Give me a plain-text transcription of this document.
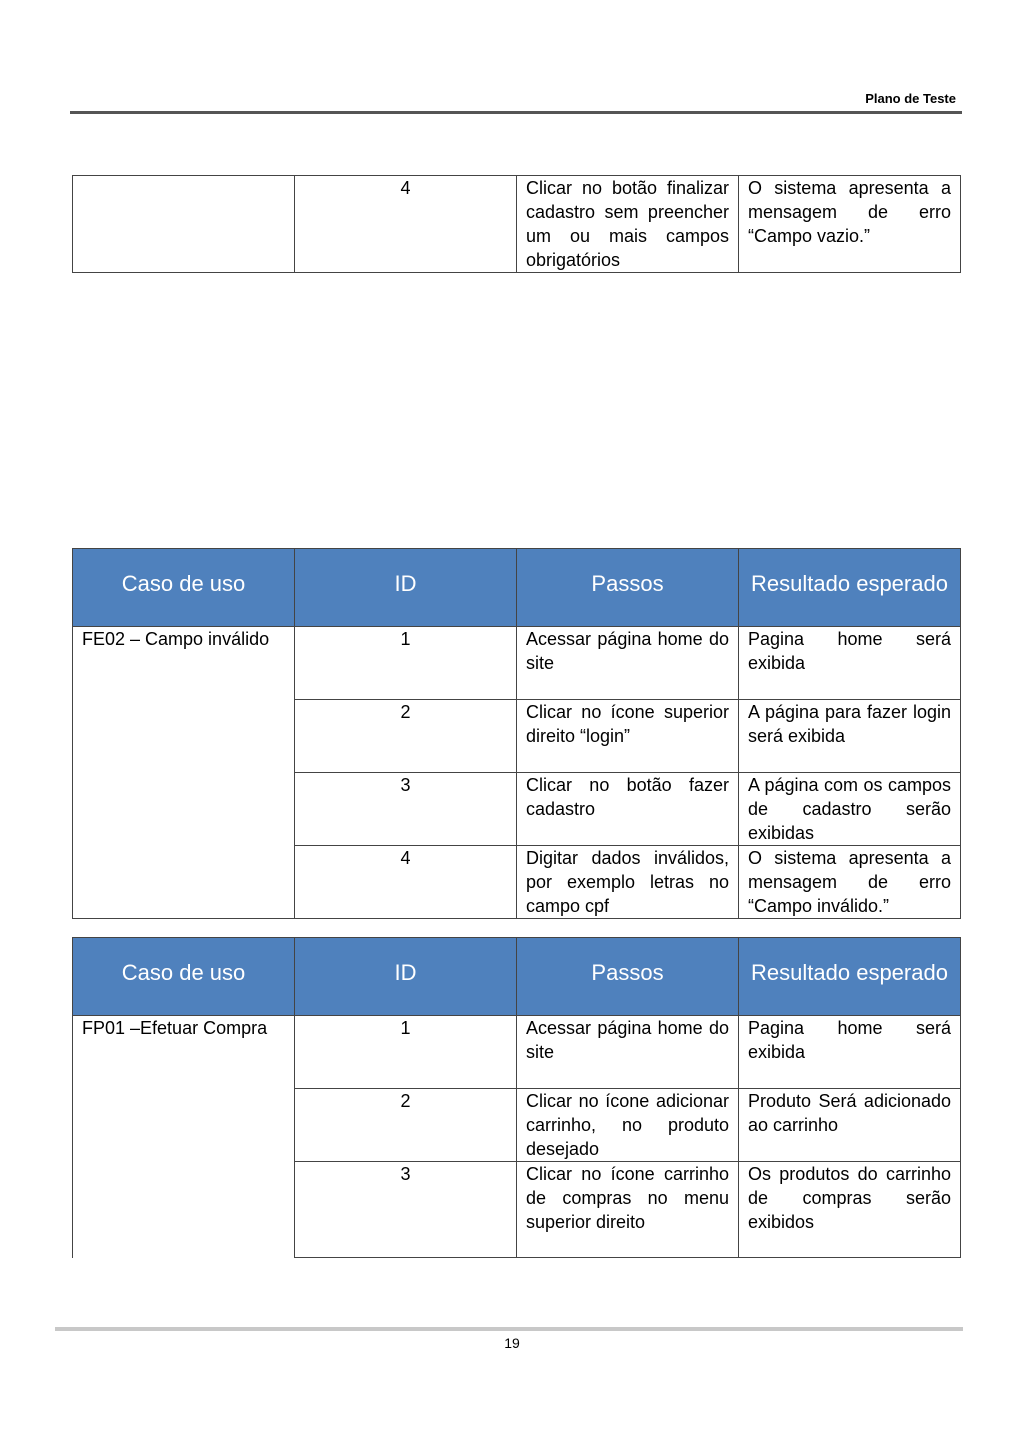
Plano de Teste
	4	Clicar no botão finalizar cadastro sem preencher um ou mais campos obrigatórios	O sistema apresenta a mensagem de erro “Campo vazio.”
Caso de uso	ID	Passos	Resultado esperado
FE02 – Campo inválido	1	Acessar página home do site	Pagina home será exibida
	2	Clicar no ícone superior direito “login”	A página para fazer login será exibida
	3	Clicar no botão fazer cadastro	A página com os campos de cadastro serão exibidas
	4	Digitar dados inválidos, por exemplo letras no campo cpf	O sistema apresenta a mensagem de erro “Campo inválido.”
Caso de uso	ID	Passos	Resultado esperado
FP01 –Efetuar Compra	1	Acessar página home do site	Pagina home será exibida
	2	Clicar no ícone adicionar carrinho, no produto desejado	Produto Será adicionado ao carrinho
	3	Clicar no ícone carrinho de compras no menu superior direito	Os produtos do carrinho de compras serão exibidos
19
